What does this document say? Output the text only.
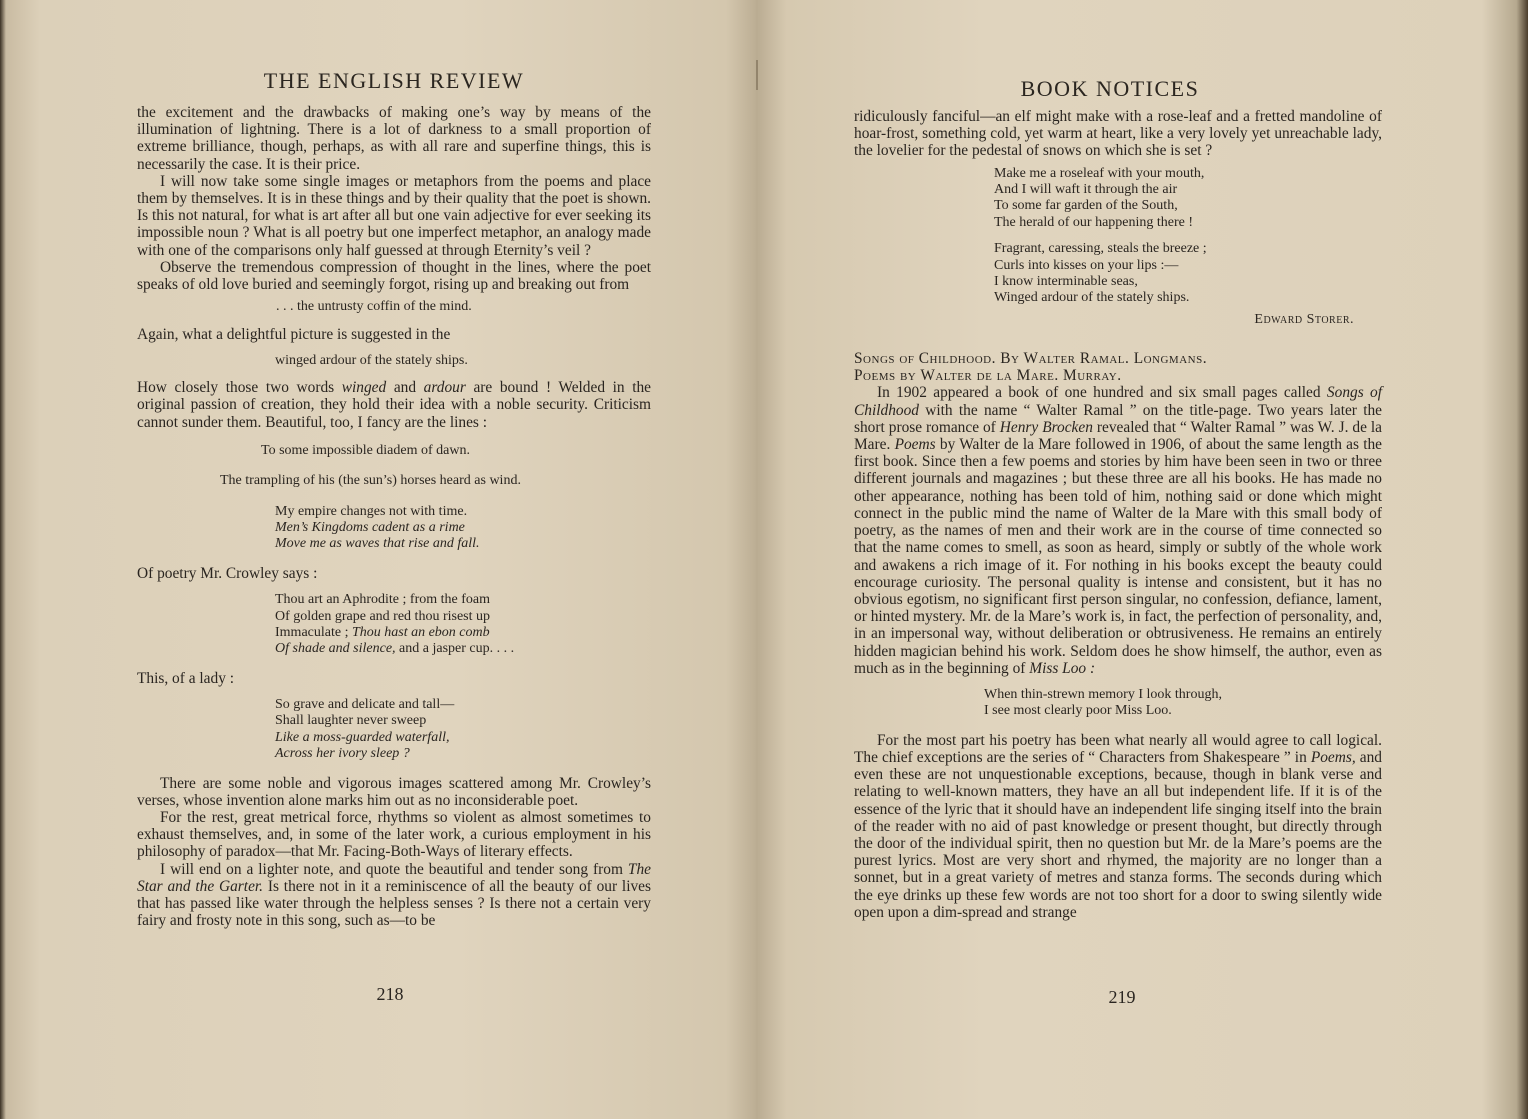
THE ENGLISH REVIEW

the excitement and the drawbacks of making one’s way by means of the illumination of lightning. There is a lot of darkness to a small proportion of extreme brilliance, though, perhaps, as with all rare and superfine things, this is necessarily the case. It is their price.

I will now take some single images or metaphors from the poems and place them by themselves. It is in these things and by their quality that the poet is shown. Is this not natural, for what is art after all but one vain adjective for ever seeking its impossible noun ? What is all poetry but one imperfect metaphor, an analogy made with one of the comparisons only half guessed at through Eternity’s veil ?

Observe the tremendous compression of thought in the lines, where the poet speaks of old love buried and seemingly forgot, rising up and breaking out from

. . . the untrusty coffin of the mind.

Again, what a delightful picture is suggested in the

winged ardour of the stately ships.

How closely those two words winged and ardour are bound ! Welded in the original passion of creation, they hold their idea with a noble security. Criticism cannot sunder them. Beautiful, too, I fancy are the lines :

To some impossible diadem of dawn.
The trampling of his (the sun’s) horses heard as wind.
My empire changes not with time.
Men’s Kingdoms cadent as a rime
Move me as waves that rise and fall.

Of poetry Mr. Crowley says :

Thou art an Aphrodite ; from the foam
Of golden grape and red thou risest up
Immaculate ; Thou hast an ebon comb
Of shade and silence, and a jasper cup. . . .

This, of a lady :

So grave and delicate and tall—
Shall laughter never sweep
Like a moss-guarded waterfall,
Across her ivory sleep ?

There are some noble and vigorous images scattered among Mr. Crowley’s verses, whose invention alone marks him out as no inconsiderable poet.

For the rest, great metrical force, rhythms so violent as almost sometimes to exhaust themselves, and, in some of the later work, a curious employment in his philosophy of paradox—that Mr. Facing-Both-Ways of literary effects.

I will end on a lighter note, and quote the beautiful and tender song from The Star and the Garter. Is there not in it a reminiscence of all the beauty of our lives that has passed like water through the helpless senses ? Is there not a certain very fairy and frosty note in this song, such as—to be

218
BOOK NOTICES

ridiculously fanciful—an elf might make with a rose-leaf and a fretted mandoline of hoar-frost, something cold, yet warm at heart, like a very lovely yet unreachable lady, the lovelier for the pedestal of snows on which she is set ?

Make me a roseleaf with your mouth,
And I will waft it through the air
To some far garden of the South,
The herald of our happening there !
Fragrant, caressing, steals the breeze ;
Curls into kisses on your lips :—
I know interminable seas,
Winged ardour of the stately ships.
Edward Storer.

Songs of Childhood. By Walter Ramal. Longmans.

Poems by Walter de la Mare. Murray.

In 1902 appeared a book of one hundred and six small pages called Songs of Childhood with the name “ Walter Ramal ” on the title-page. Two years later the short prose romance of Henry Brocken revealed that “ Walter Ramal ” was W. J. de la Mare. Poems by Walter de la Mare followed in 1906, of about the same length as the first book. Since then a few poems and stories by him have been seen in two or three different journals and magazines ; but these three are all his books. He has made no other appearance, nothing has been told of him, nothing said or done which might connect in the public mind the name of Walter de la Mare with this small body of poetry, as the names of men and their work are in the course of time connected so that the name comes to smell, as soon as heard, simply or subtly of the whole work and awakens a rich image of it. For nothing in his books except the beauty could encourage curiosity. The personal quality is intense and consistent, but it has no obvious egotism, no significant first person singular, no confession, defiance, lament, or hinted mystery. Mr. de la Mare’s work is, in fact, the perfection of personality, and, in an impersonal way, without deliberation or obtrusiveness. He remains an entirely hidden magician behind his work. Seldom does he show himself, the author, even as much as in the beginning of Miss Loo :

When thin-strewn memory I look through,
I see most clearly poor Miss Loo.

For the most part his poetry has been what nearly all would agree to call logical. The chief exceptions are the series of “ Characters from Shakespeare ” in Poems, and even these are not unquestionable exceptions, because, though in blank verse and relating to well-known matters, they have an all but independent life. If it is of the essence of the lyric that it should have an independent life singing itself into the brain of the reader with no aid of past knowledge or present thought, but directly through the door of the individual spirit, then no question but Mr. de la Mare’s poems are the purest lyrics. Most are very short and rhymed, the majority are no longer than a sonnet, but in a great variety of metres and stanza forms. The seconds during which the eye drinks up these few words are not too short for a door to swing silently wide open upon a dim-spread and strange

219
